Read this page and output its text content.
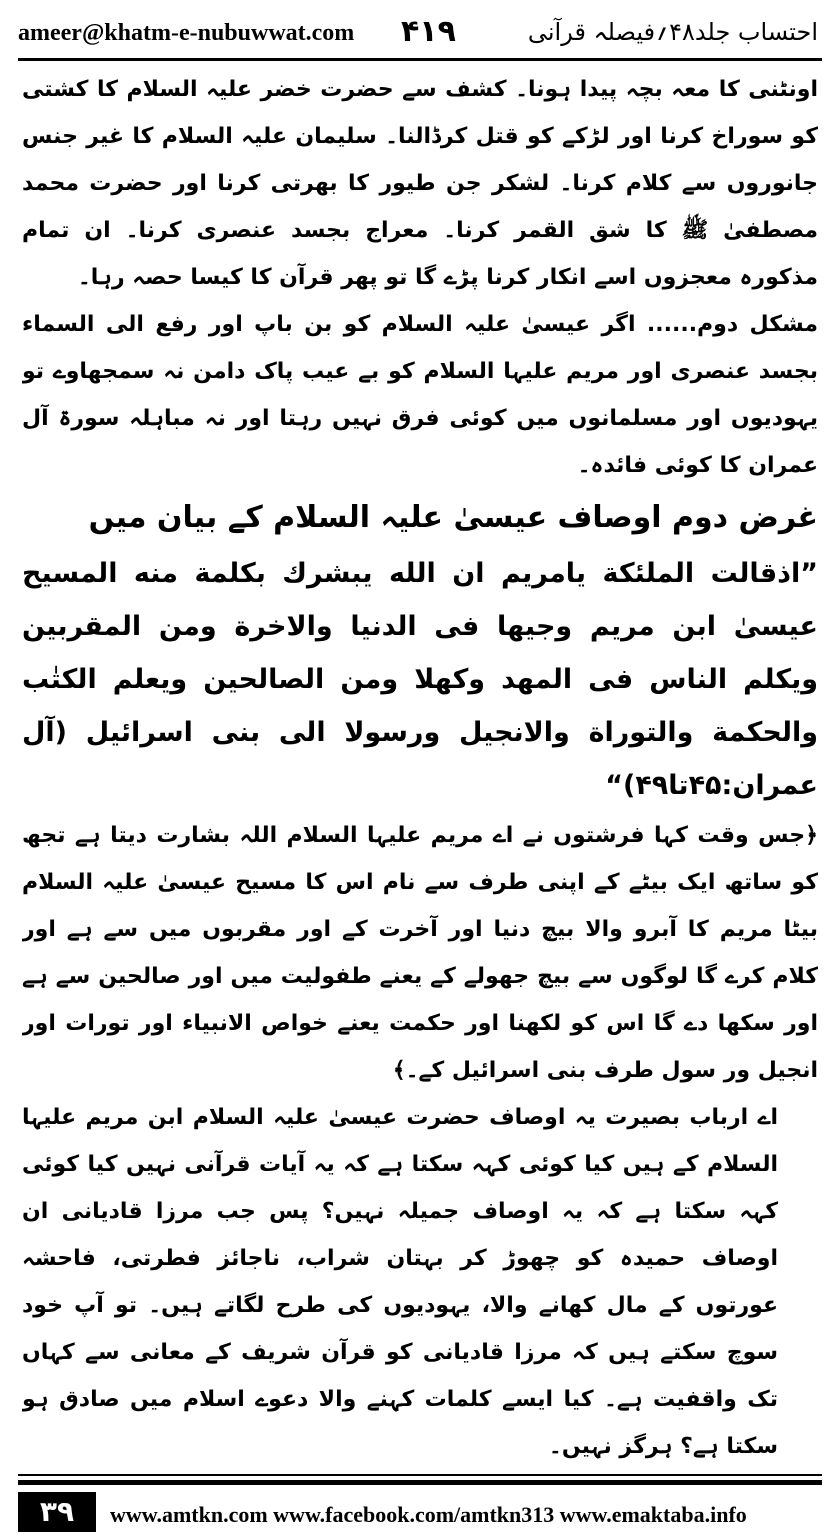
ameer@khatm-e-nubuwwat.com ۴۱۹	احتساب جلد۴۸؍فیصلہ قرآنی

اونٹنی کا معہ بچہ پیدا ہونا۔ کشف سے حضرت خضر علیہ السلام کا کشتی کو سوراخ کرنا اور لڑکے کو قتل کرڈالنا۔ سلیمان علیہ السلام کا غیر جنس جانوروں سے کلام کرنا۔ لشکر جن طیور کا بھرتی کرنا اور حضرت محمد مصطفیٰ ﷺ کا شق القمر کرنا۔ معراج بجسد عنصری کرنا۔ ان تمام مذکورہ معجزوں اسے انکار کرنا پڑے گا تو پھر قرآن کا کیسا حصہ رہا۔

مشکل دوم...... اگر عیسیٰ علیہ السلام کو بن باپ اور رفع الی السماء بجسد عنصری اور مریم علیہا السلام کو بے عیب پاک دامن نہ سمجھاوے تو یہودیوں اور مسلمانوں میں کوئی فرق نہیں رہتا اور نہ مباہلہ سورۃ آل عمران کا کوئی فائدہ۔

غرض دوم اوصاف عیسیٰ علیہ السلام کے بیان میں

”اذقالت الملئكة يامريم ان الله يبشرك بكلمة منه المسيح عيسىٰ ابن مريم وجيها فى الدنيا والاخرة ومن المقربين ويكلم الناس فى المهد وكهلا ومن الصالحين ويعلم الكتٰب والحكمة والتوراة والانجيل ورسولا الى بنى اسرائيل (آل عمران:۴۵تا۴۹)“

﴿جس وقت کہا فرشتوں نے اے مریم علیہا السلام اللہ بشارت دیتا ہے تجھ کو ساتھ ایک بیٹے کے اپنی طرف سے نام اس کا مسیح عیسیٰ علیہ السلام بیٹا مریم کا آبرو والا بیچ دنیا اور آخرت کے اور مقربوں میں سے ہے اور کلام کرے گا لوگوں سے بیچ جھولے کے یعنے طفولیت میں اور صالحین سے ہے اور سکھا دے گا اس کو لکھنا اور حکمت یعنے خواص الانبیاء اور تورات اور انجیل ور سول طرف بنی اسرائیل کے۔﴾

اے ارباب بصیرت یہ اوصاف حضرت عیسیٰ علیہ السلام ابن مریم علیہا السلام کے ہیں کیا کوئی کہہ سکتا ہے کہ یہ آیات قرآنی نہیں کیا کوئی کہہ سکتا ہے کہ یہ اوصاف جمیلہ نہیں؟ پس جب مرزا قادیانی ان اوصاف حمیدہ کو چھوڑ کر بہتان شراب، ناجائز فطرتی، فاحشہ عورتوں کے مال کھانے والا، یہودیوں کی طرح لگاتے ہیں۔ تو آپ خود سوچ سکتے ہیں کہ مرزا قادیانی کو قرآن شریف کے معانی سے کہاں تک واقفیت ہے۔ کیا ایسے کلمات کہنے والا دعوے اسلام میں صادق ہو سکتا ہے؟ ہرگز نہیں۔

۳۹	www.amtkn.com www.facebook.com/amtkn313 www.emaktaba.info
